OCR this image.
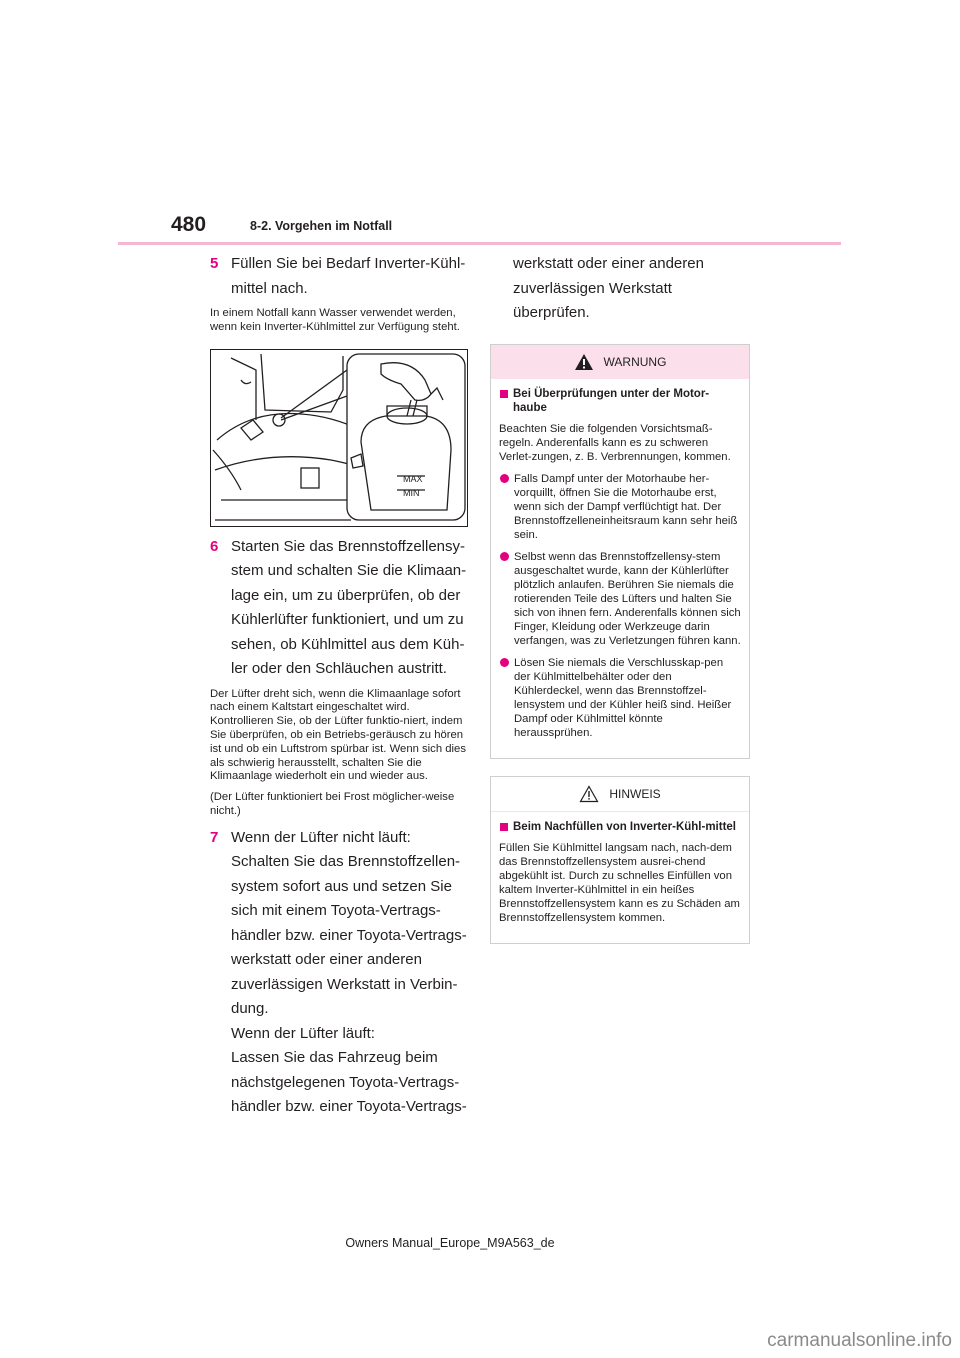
480	8-2. Vorgehen im Notfall
5 Füllen Sie bei Bedarf Inverter-Kühl-
mittel nach.

In einem Notfall kann Wasser verwendet werden, wenn kein Inverter-Kühlmittel zur Verfügung steht.

MAX
MIN
6 Starten Sie das Brennstoffzellensy-
stem und schalten Sie die Klimaan-
lage ein, um zu überprüfen, ob der
Kühlerlüfter funktioniert, und um zu
sehen, ob Kühlmittel aus dem Küh-
ler oder den Schläuchen austritt.

Der Lüfter dreht sich, wenn die Klimaanlage sofort nach einem Kaltstart eingeschaltet wird. Kontrollieren Sie, ob der Lüfter funktio-niert, indem Sie überprüfen, ob ein Betriebs-geräusch zu hören ist und ob ein Luftstrom spürbar ist. Wenn sich dies als schwierig herausstellt, schalten Sie die Klimaanlage wiederholt ein und wieder aus.

(Der Lüfter funktioniert bei Frost möglicher-weise nicht.)

7 Wenn der Lüfter nicht läuft:
Schalten Sie das Brennstoffzellen-
system sofort aus und setzen Sie
sich mit einem Toyota-Vertrags-
händler bzw. einer Toyota-Vertrags-
werkstatt oder einer anderen
zuverlässigen Werkstatt in Verbin-
dung.
Wenn der Lüfter läuft:
Lassen Sie das Fahrzeug beim
nächstgelegenen Toyota-Vertrags-
händler bzw. einer Toyota-Vertrags-
werkstatt oder einer anderen
zuverlässigen Werkstatt überprüfen.
WARNUNG
Bei Überprüfungen unter der Motor-haube
Beachten Sie die folgenden Vorsichtsmaß-regeln. Anderenfalls kann es zu schweren Verlet-zungen, z. B. Verbrennungen, kommen.
Falls Dampf unter der Motorhaube her-vorquillt, öffnen Sie die Motorhaube erst, wenn sich der Dampf verflüchtigt hat. Der Brennstoffzelleneinheitsraum kann sehr heiß sein.
Selbst wenn das Brennstoffzellensy-stem ausgeschaltet wurde, kann der Kühlerlüfter plötzlich anlaufen. Berühren Sie niemals die rotierenden Teile des Lüfters und halten Sie sich von ihnen fern. Anderenfalls können sich Finger, Kleidung oder Werkzeuge darin verfangen, was zu Verletzungen führen kann.
Lösen Sie niemals die Verschlusskap-pen der Kühlmittelbehälter oder den Kühlerdeckel, wenn das Brennstoffzel-lensystem und der Kühler heiß sind. Heißer Dampf oder Kühlmittel könnte heraussprühen.
HINWEIS
Beim Nachfüllen von Inverter-Kühl-mittel
Füllen Sie Kühlmittel langsam nach, nach-dem das Brennstoffzellensystem ausrei-chend abgekühlt ist. Durch zu schnelles Einfüllen von kaltem Inverter-Kühlmittel in ein heißes Brennstoffzellensystem kann es zu Schäden am Brennstoffzellensystem kommen.
Owners Manual_Europe_M9A563_de
carmanualsonline.info
